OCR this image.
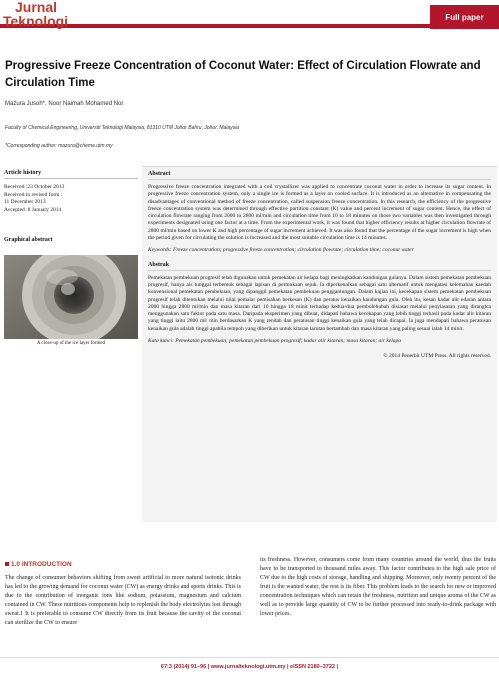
Jurnal
Teknologi	Full paper
Progressive Freeze Concentration of Coconut Water: Effect of Circulation Flowrate and Circulation Time
Mazura Jusoh*, Noor Naimah Mohamed Nor
Faculty of Chemical Engineering, Universiti Teknologi Malaysia, 81310 UTM Johor Bahru, Johor, Malaysia
*Corresponding author: mazura@cheme.utm.my
Article history
Received :23 October 2013
Received in revised form :
11 December 2013
Accepted :8 January 2014
Graphical abstract
A close-up of the ice layer formed
Abstract
Progressive freeze concentration integrated with a coil crystallizer was applied to concentrate coconut water in order to increase its sugar content. In progressive freeze concentration system, only a single ice is formed as a layer on cooled surface. It is introduced as an alternative in compensating the disadvantages of conventional method of freeze concentration, called suspension freeze concentration. In this research, the efficiency of the progressive freeze concentration system was determined through effective partition constant (K) value and percent increment of sugar content. Hence, the effect of circulation flowrate ranging from 2000 to 2800 ml/min and circulation time from 10 to 18 minutes on those two variables was then investigated through experiments designated using one factor at a time. From the experimental work, it was found that higher efficiency results at higher circulation flowrate of 2800 ml/min based on lower K and high percentage of sugar increment achieved. It was also found that the percentage of the sugar increment is high when the period given for circulating the solution is increased and the most suitable circulation time is 14 minutes.
Keywords: Freeze concentration; progressive freeze concentration; circulation flowrate; circulation time; coconut water
Abstrak
Pemekatan pembekuan progresif telah digunakan untuk pemekatan air kelapa bagi meningkatkan kandungan gulanya. Dalam sistem pemekatan pembekuan progresif, hanya ais tunggal terbentuk sebagai lapisan di permukaan sejuk. Ia diperkenalkan sebagai satu alternatif untuk mengatasi kelemahan kaedah konvensional pemekatan pembekuan, yang dipanggil pemekatan pembekuan penggantungan. Dalam kajian ini, kecekapan sistem pemekatan pembekuan progresif telah ditentukan melalui nilai pemalar pemisahan berkesan (K) dan peratus kenaikan kandungan gula. Oleh itu, kesan kadar alir edaran antara 2000 hingga 2800 ml/min dan masa kitaran dari 10 hingga 18 minit terhadap kedua-dua pembolehubah disiasat melalui penyiasatan yang diranglca menggunakan satu faktor pada satu masa. Daripada eksperimen yang dibuat, didapati bahawa kecekapan yang lebih tinggi terhasil pada kadar alir kitaran yang tinggi iaitu 2800 ml/ min berdasarkan K yang rendah dan peratusan tinggi kenaikan gula yang telah dicapai. Ia juga mendapati bahawa peratusan kenaikan gula adalah tinggi apabila tempoh yang diberikan untuk kitaran larutan bertambah dan masa kitaran yang paling sesuai ialah 14 minit.
Kata kunci: Pemekatan pembekuan; pemekatan pembekuan progresif; kadar alir kitaran; masa kitaran; air kelapa
© 2014 Penerbit UTM Press. All rights reserved.
1.0 INTRODUCTION
The change of consumer behaviors shifting from sweet artificial to more natural isotonic drinks has led to the growing demand for coconut water (CW) as energy drinks and sports drinks. This is due to the contribution of inorganic ions like sodium, potassium, magnesium and calcium contained in CW. These nutritious components help to replenish the body electrolytes lost through sweat.1 It is preferable to consume CW directly from its fruit because the cavity of the coconut can sterilize the CW to ensure
its freshness. However, consumers come from many countries around the world, thus the fruits have to be transported to thousand miles away. This factor contributes to the high sale price of CW due to the high costs of storage, handling and shipping. Moreover, only twenty percent of the fruit is the wanted water, the rest is its fiber. This problem leads to the search for new or improved concentration techniques which can retain the freshness, nutrition and unique aroma of the CW as well as to provide large quantity of CW to be further processed into ready-to-drink package with lower prices.
67:3 (2014) 91–96 | www.jurnalteknologi.utm.my | eISSN 2180–3722 |
